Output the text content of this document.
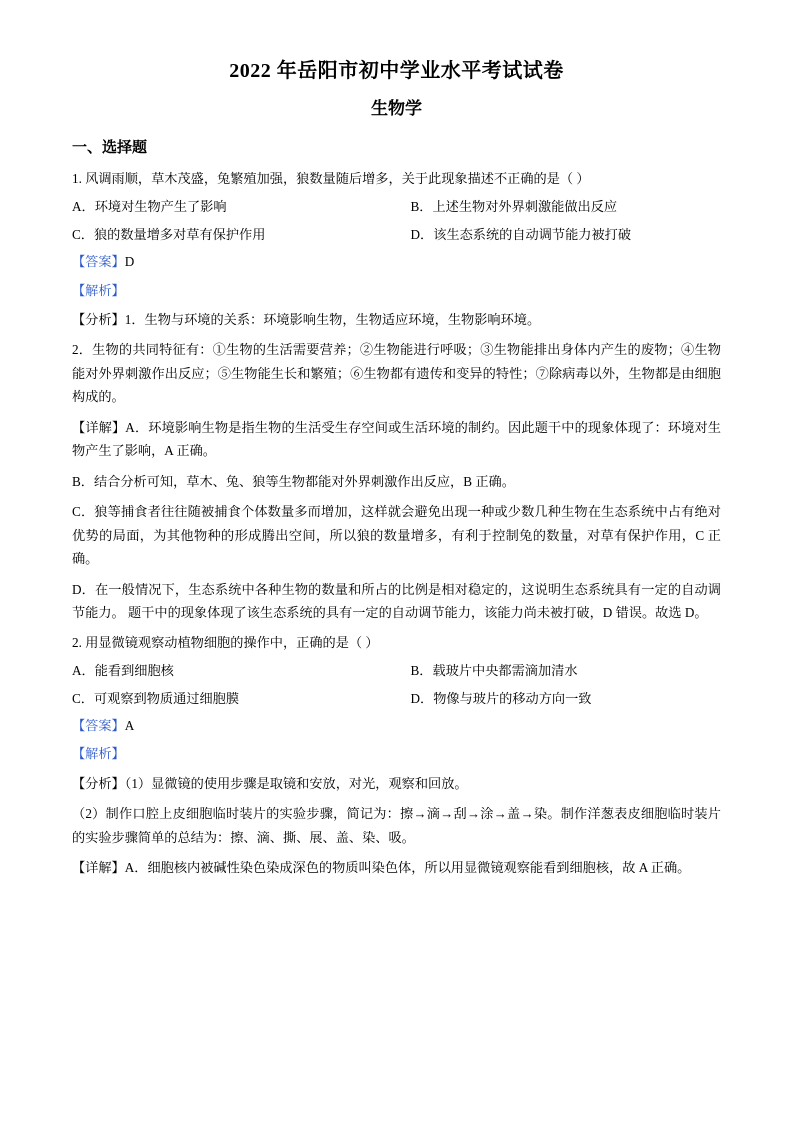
2022 年岳阳市初中学业水平考试试卷
生物学
一、选择题

1. 风调雨顺，草木茂盛，兔繁殖加强，狼数量随后增多，关于此现象描述不正确的是（ ）

A．环境对生物产生了影响	B．上述生物对外界刺激能做出反应
C．狼的数量增多对草有保护作用	D．该生态系统的自动调节能力被打破

【答案】D

【解析】

【分析】1．生物与环境的关系：环境影响生物，生物适应环境，生物影响环境。

2．生物的共同特征有：①生物的生活需要营养；②生物能进行呼吸；③生物能排出身体内产生的废物；④生物能对外界刺激作出反应；⑤生物能生长和繁殖；⑥生物都有遗传和变异的特性；⑦除病毒以外，生物都是由细胞构成的。

【详解】A．环境影响生物是指生物的生活受生存空间或生活环境的制约。因此题干中的现象体现了：环境对生物产生了影响，A 正确。

B．结合分析可知，草木、兔、狼等生物都能对外界刺激作出反应，B 正确。

C．狼等捕食者往往随被捕食个体数量多而增加，这样就会避免出现一种或少数几种生物在生态系统中占有绝对优势的局面，为其他物种的形成腾出空间，所以狼的数量增多，有利于控制兔的数量，对草有保护作用，C 正确。

D．在一般情况下，生态系统中各种生物的数量和所占的比例是相对稳定的，这说明生态系统具有一定的自动调节能力。 题干中的现象体现了该生态系统的具有一定的自动调节能力，该能力尚未被打破，D 错误。故选 D。

2. 用显微镜观察动植物细胞的操作中，正确的是（ ）

A．能看到细胞核	B．载玻片中央都需滴加清水
C．可观察到物质通过细胞膜	D．物像与玻片的移动方向一致

【答案】A

【解析】

【分析】（1）显微镜的使用步骤是取镜和安放，对光，观察和回放。

（2）制作口腔上皮细胞临时装片的实验步骤，简记为：擦→滴→刮→涂→盖→染。制作洋葱表皮细胞临时装片的实验步骤简单的总结为：擦、滴、撕、展、盖、染、吸。

【详解】A．细胞核内被碱性染色染成深色的物质叫染色体，所以用显微镜观察能看到细胞核，故 A 正确。
